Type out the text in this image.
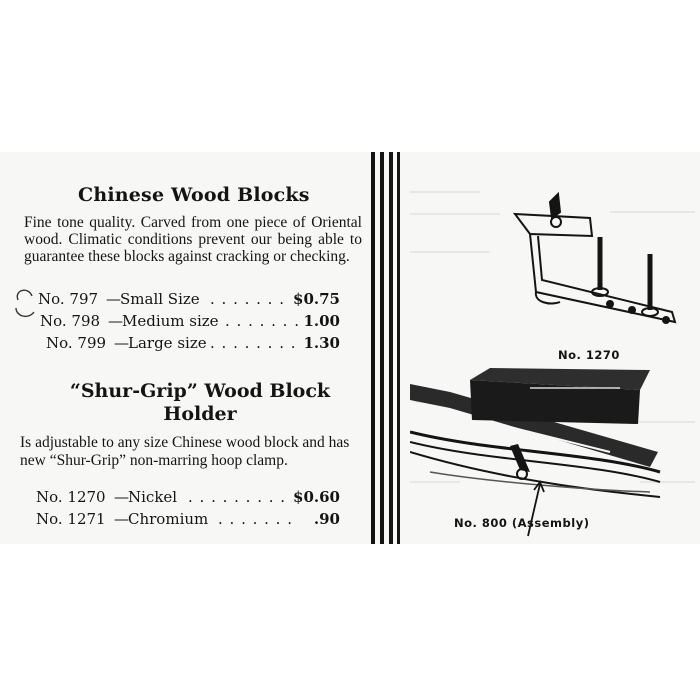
Chinese Wood Blocks
Fine tone quality. Carved from one piece of Oriental wood. Climatic conditions prevent our being able to guarantee these blocks against cracking or checking.
No. 797 — Small Size . . . . . . . $0.75
No. 798 — Medium size . . . . . . . 1.00
No. 799 — Large size . . . . . . . . 1.30
“Shur-Grip” Wood Block
Holder
Is adjustable to any size Chinese wood block and has new “Shur-Grip” non-marring hoop clamp.
No. 1270 — Nickel . . . . . . . . . $0.60
No. 1271 — Chromium . . . . . . . .90
No. 1270
No. 800 (Assembly)
